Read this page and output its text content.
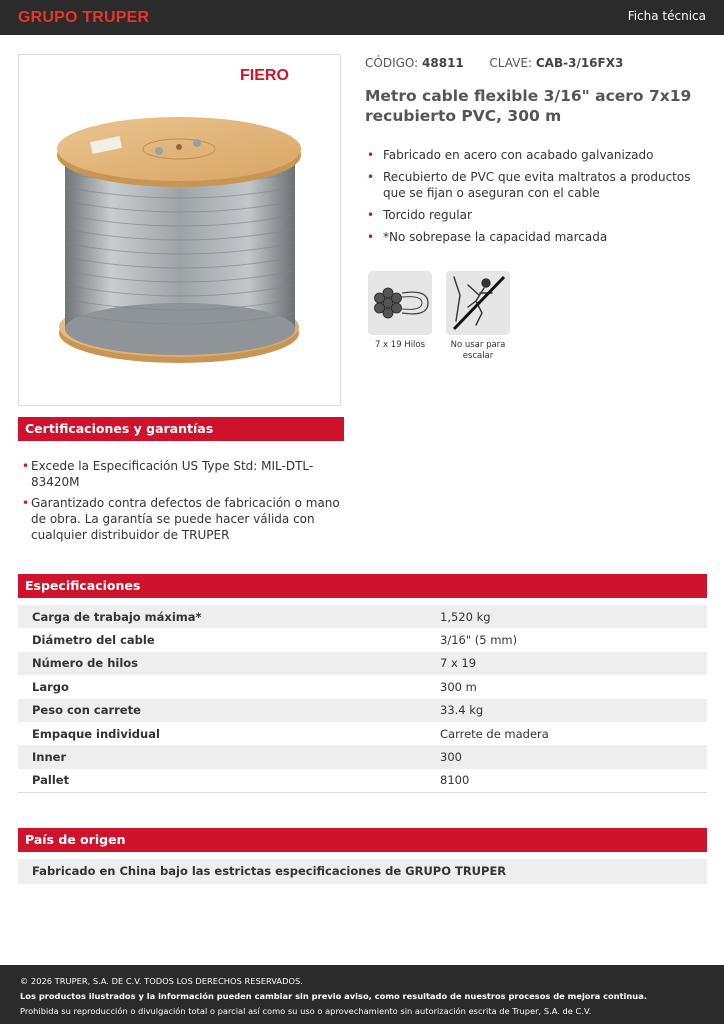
GRUPO TRUPER	Ficha técnica
FIERO
CÓDIGO: 48811 CLAVE: CAB-3/16FX3
Metro cable flexible 3/16" acero 7x19 recubierto PVC, 300 m
• Fabricado en acero con acabado galvanizado
• Recubierto de PVC que evita maltratos a productos que se fijan o aseguran con el cable
• Torcido regular
• *No sobrepase la capacidad marcada
7 x 19 Hilos	No usar para escalar
Certificaciones y garantías
• Excede la Especificación US Type Std: MIL-DTL-83420M
• Garantizado contra defectos de fabricación o mano de obra. La garantía se puede hacer válida con cualquier distribuidor de TRUPER
Especificaciones
Carga de trabajo máxima*	1,520 kg
Diámetro del cable	3/16" (5 mm)
Número de hilos	7 x 19
Largo	300 m
Peso con carrete	33.4 kg
Empaque individual	Carrete de madera
Inner	300
Pallet	8100
País de origen
Fabricado en China bajo las estrictas especificaciones de GRUPO TRUPER

© 2026 TRUPER, S.A. DE C.V. TODOS LOS DERECHOS RESERVADOS.

Los productos ilustrados y la información pueden cambiar sin previo aviso, como resultado de nuestros procesos de mejora continua.

Prohibida su reproducción o divulgación total o parcial así como su uso o aprovechamiento sin autorización escrita de Truper, S.A. de C.V.
